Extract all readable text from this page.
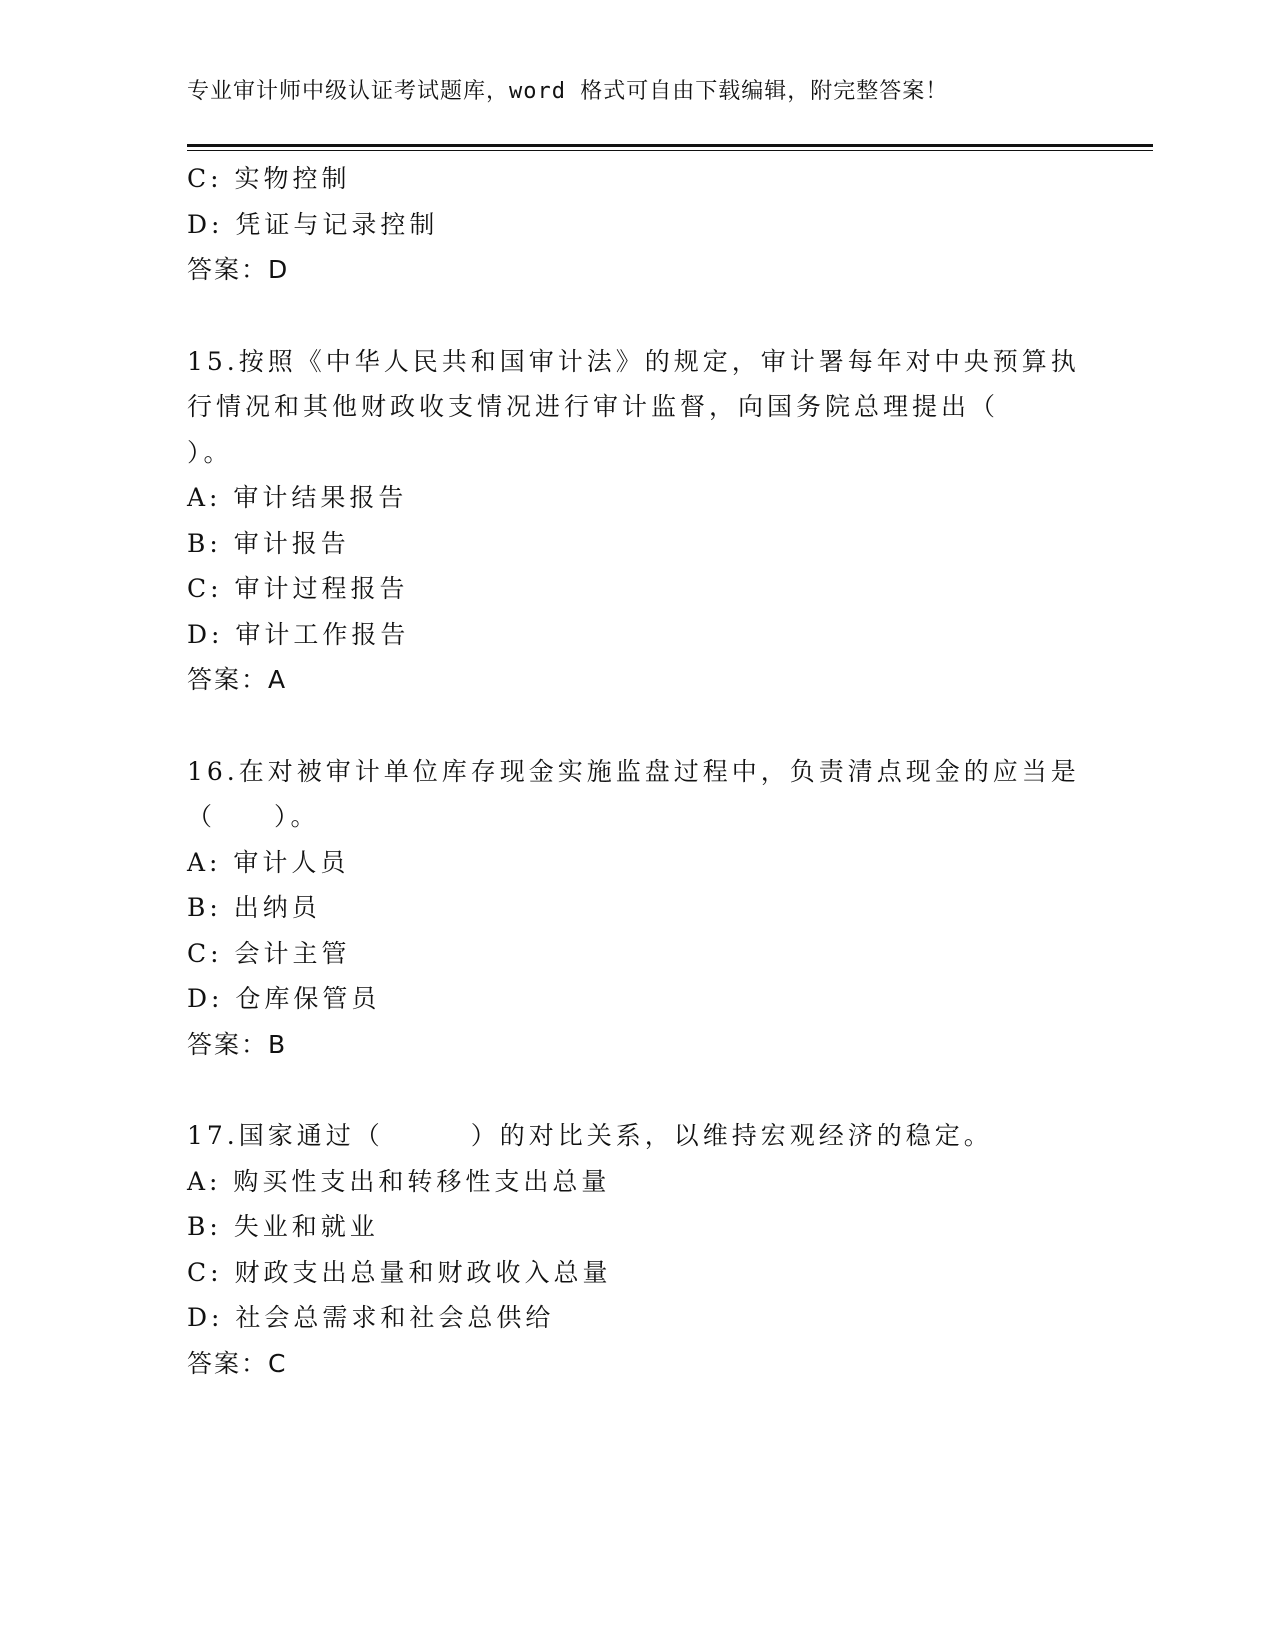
专业审计师中级认证考试题库，word 格式可自由下载编辑，附完整答案！
C: 实物控制
D: 凭证与记录控制
答案：D
15.按照《中华人民共和国审计法》的规定，审计署每年对中央预算执
行情况和其他财政收支情况进行审计监督，向国务院总理提出（
）。
A: 审计结果报告
B: 审计报告
C: 审计过程报告
D: 审计工作报告
答案：A
16.在对被审计单位库存现金实施监盘过程中，负责清点现金的应当是
（　　）。
A: 审计人员
B: 出纳员
C: 会计主管
D: 仓库保管员
答案：B
17.国家通过（　　　）的对比关系，以维持宏观经济的稳定。
A: 购买性支出和转移性支出总量
B: 失业和就业
C: 财政支出总量和财政收入总量
D: 社会总需求和社会总供给
答案：C
